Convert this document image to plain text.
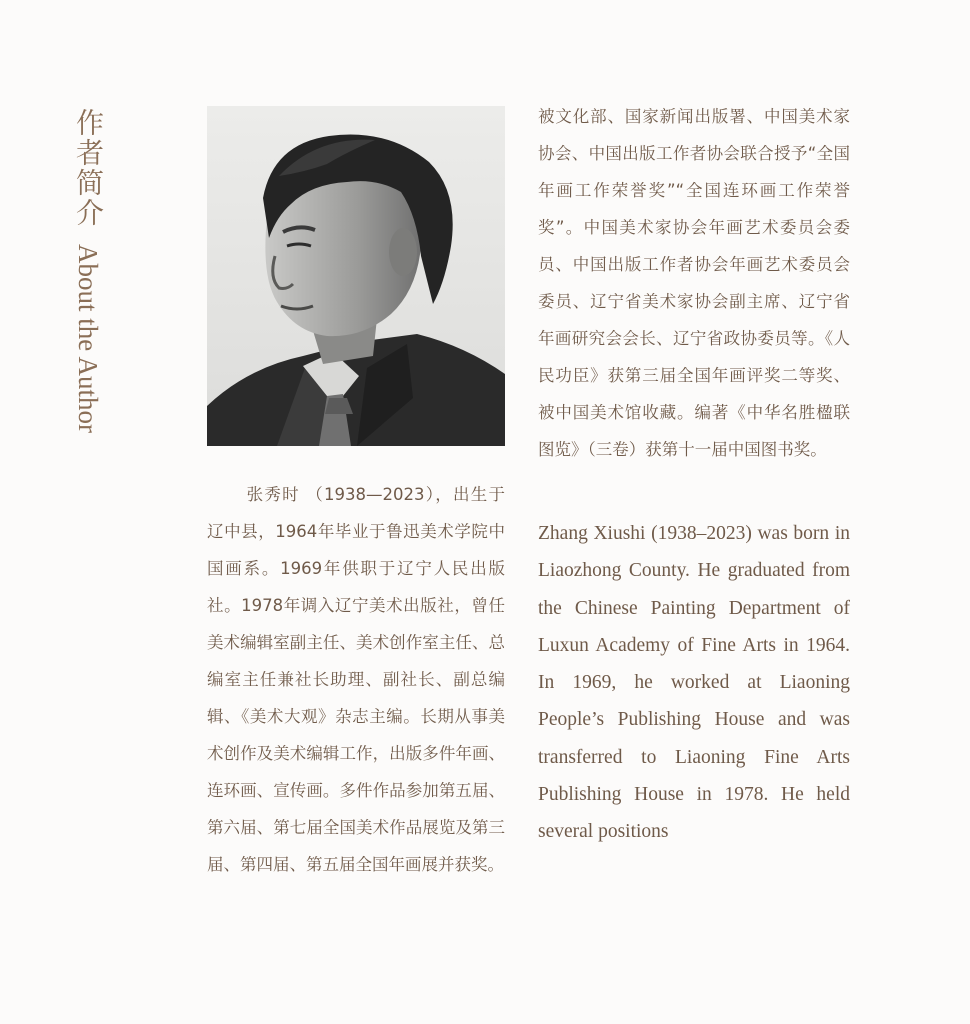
作者简介
About the Author

张秀时 （1938—2023），出生于辽中县，1964年毕业于鲁迅美术学院中国画系。1969年供职于辽宁人民出版社。1978年调入辽宁美术出版社，曾任美术编辑室副主任、美术创作室主任、总编室主任兼社长助理、副社长、副总编辑、《美术大观》杂志主编。长期从事美术创作及美术编辑工作，出版多件年画、连环画、宣传画。多件作品参加第五届、第六届、第七届全国美术作品展览及第三届、第四届、第五届全国年画展并获奖。

被文化部、国家新闻出版署、中国美术家协会、中国出版工作者协会联合授予“全国年画工作荣誉奖”“全国连环画工作荣誉奖”。中国美术家协会年画艺术委员会委员、中国出版工作者协会年画艺术委员会委员、辽宁省美术家协会副主席、辽宁省年画研究会会长、辽宁省政协委员等。《人民功臣》获第三届全国年画评奖二等奖、被中国美术馆收藏。编著《中华名胜楹联图览》（三卷）获第十一届中国图书奖。

Zhang Xiushi (1938–2023) was born in Liaozhong County. He graduated from the Chinese Painting Department of Luxun Academy of Fine Arts in 1964. In 1969, he worked at Liaoning People’s Publishing House and was transferred to Liaoning Fine Arts Publishing House in 1978. He held several positions
